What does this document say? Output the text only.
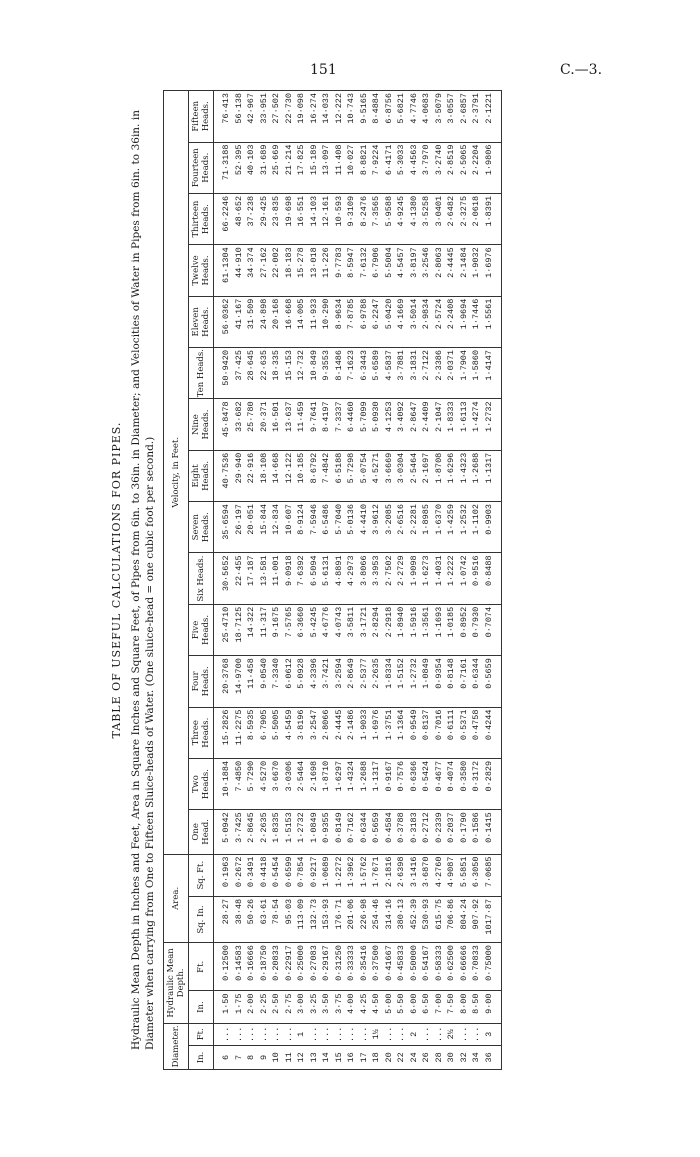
151	C.—3.
TABLE OF USEFUL CALCULATIONS FOR PIPES. Hydraulic Mean Depth in Inches and Feet, Area in Square Inches and Square Feet, of Pipes from 6in. to 36in. in Diameter; and Velocities of Water in Pipes from 6in. to 36in. in Diameter when carrying from One to Fifteen Sluice-heads of Water. (One sluice-head = one cubic foot per second.) Diameter.		Hydraulic Mean Depth.		Area.		Velocity, in Feet.														
In.	Ft.	In.	Ft.	Sq. In.	Sq. Ft.	One Head.	Two Heads.	Three Heads.	Four Heads.	Five Heads.	Six Heads.	Seven Heads.	Eight Heads.	Nine Heads.	Ten Heads.	Eleven Heads.	Twelve Heads.	Thirteen Heads.	Fourteen Heads.	Fifteen Heads.
6	...	1·50	0·12500	28·27	0·1963	5·0942	10·1884	15·2826	20·3768	25·4710	30·5652	35·6594	40·7536	45·8478	50·9420	56·0362	61·1304	66·2246	71·3188	76·413
7	...	1·75	0·14583	38·48	0·2672	3·7425	7·4850	11·2275	14·9700	18·7125	22·455	26·197	29·940	33·682	37·425	41·167	44·910	48·652	52·395	56·138
8	...	2·00	0·16666	50·26	0·3491	2·8645	5·7290	8·5935	11·458	14·322	17·187	20·051	22·916	25·780	28·645	31·509	34·374	37·238	40·103	42·967
9	...	2·25	0·18750	63·61	0·4418	2·2635	4·5270	6·7905	9·0540	11·317	13·581	15·844	18·108	20·371	22·635	24·898	27·162	29·425	31·689	33·951
10	...	2·50	0·20833	78·54	0·5454	1·8335	3·6670	5·5005	7·3340	9·1675	11·001	12·834	14·668	16·501	18·335	20·168	22·002	23·835	25·669	27·502
11	...	2·75	0·22917	95·03	0·6599	1·5153	3·0306	4·5459	6·0612	7·5765	9·0918	10·607	12·122	13·637	15·153	16·668	18·183	19·698	21·214	22·730
12	1	3·00	0·25000	113·09	0·7854	1·2732	2·5464	3·8196	5·0928	6·3660	7·6392	8·9124	10·185	11·459	12·732	14·005	15·278	16·551	17·825	19·098
13	...	3·25	0·27083	132·73	0·9217	1·0849	2·1698	3·2547	4·3396	5·4245	6·5094	7·5946	8·6792	9·7641	10·849	11·933	13·018	14·103	15·189	16·274
14	...	3·50	0·29167	153·93	1·0689	0·9355	1·8710	2·8066	3·7421	4·6776	5·6131	6·5486	7·4842	8·4197	9·3553	10·290	11·226	12·161	13·097	14·033
15	...	3·75	0·31250	176·71	1·2272	0·8149	1·6297	2·4445	3·2594	4·0743	4·8891	5·7040	6·5188	7·3337	8·1486	8·9634	9·7783	10·593	11·408	12·222
16	...	4·00	0·33333	201·06	1·3962	0·7162	1·4324	2·1486	2·8649	3·5811	4·2973	5·0136	5·7298	6·4460	7·1623	7·8785	8·5947	9·3109	10·027	10·743
17	...	4·25	0·35416	226·98	1·5762	0·6344	1·2688	1·9033	2·5377	3·1721	3·8066	4·4410	5·0754	5·7099	6·3443	6·9788	7·6132	8·2476	8·8821	9·5165
18	1½	4·50	0·37500	254·46	1·7671	0·5659	1·1317	1·6976	2·2635	2·8294	3·3953	3·9612	4·5271	5·0930	5·6589	6·2247	6·7906	7·3565	7·9224	8·4884
20	...	5·00	0·41667	314·16	2·1816	0·4584	0·9167	1·3751	1·8334	2·2918	2·7502	3·2085	3·6669	4·1253	4·5837	5·0420	5·5004	5·9588	6·4171	6·8756
22	...	5·50	0·45833	380·13	2·6398	0·3788	0·7576	1·1364	1·5152	1·8940	2·2729	2·6516	3·0304	3·4092	3·7881	4·1669	4·5457	4·9245	5·3033	5·6821
24	2	6·00	0·50000	452·39	3·1416	0·3183	0·6366	0·9549	1·2732	1·5916	1·9098	2·2281	2·5464	2·8647	3·1831	3·5014	3·8197	4·1380	4·4563	4·7746
26	...	6·50	0·54167	530·93	3·6870	0·2712	0·5424	0·8137	1·0849	1·3561	1·6273	1·8985	2·1697	2·4409	2·7122	2·9834	3·2546	3·5258	3·7970	4·0683
28	...	7·00	0·58333	615·75	4·2760	0·2339	0·4677	0·7016	0·9354	1·1693	1·4031	1·6370	1·8708	2·1047	2·3386	2·5724	2·8063	3·0401	3·2740	3·5079
30	2½	7·50	0·62500	706·86	4·9087	0·2037	0·4074	0·6111	0·8148	1·0185	1·2222	1·4259	1·6296	1·8333	2·0371	2·2408	2·4445	2·6482	2·8519	3·0557
32	...	8·00	0·66666	804·24	5·5851	0·1790	0·3580	0·5371	0·7161	0·8952	1·0742	1·2532	1·4323	1·6113	1·7904	1·9694	2·1484	2·3275	2·5065	2·6857
34	...	8·50	0·70833	907·92	6·3050	0·1586	0·3172	0·4758	0·6344	0·7930	0·9516	1·1102	1·2688	1·4274	1·5860	1·7446	1·9032	2·0618	2·2204	2·3791
36	3	9·00	0·75000	1017·87	7·0685	0·1415	0·2829	0·4244	0·5659	0·7074	0·8488	0·9903	1·1317	1·2732	1·4147	1·5561	1·6976	1·8391	1·9806	2·1221
